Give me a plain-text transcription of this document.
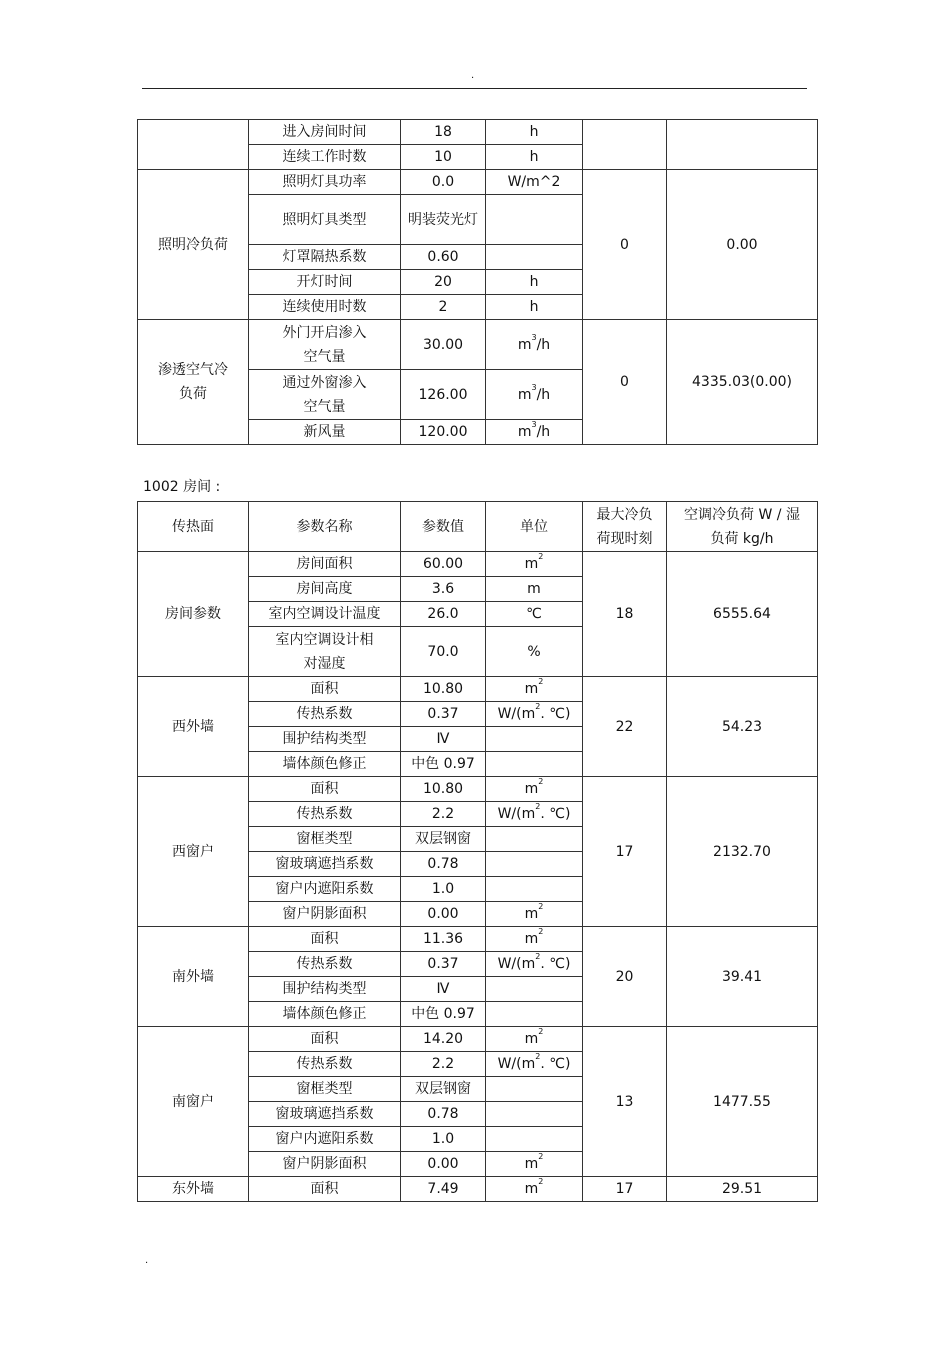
.
	进入房间时间	18	h		
	连续工作时数	10	h		
照明冷负荷	照明灯具功率	0.0	W/m^2	0	0.00
	照明灯具类型	明装荧光灯			
	灯罩隔热系数	0.60			
	开灯时间	20	h		
	连续使用时数	2	h		
渗透空气冷负荷	外门开启渗入空气量	30.00	$m^3/h$	0	4335.03(0.00)
	通过外窗渗入空气量	126.00	$m^3/h$		
	新风量	120.00	$m^3/h$		
1002 房间 :
传热面	参数名称	参数值	单位	最大冷负荷现时刻	空调冷负荷 W / 湿负荷 kg/h
房间参数	房间面积	60.00	$m^2$	18	6555.64
	房间高度	3.6	m		
	室内空调设计温度	26.0	℃		
	室内空调设计相对湿度	70.0	%		
西外墙	面积	10.80	$m^2$	22	54.23
	传热系数	0.37	$W/(m^2$. ℃)		
	围护结构类型	Ⅳ			
	墙体颜色修正	中色 0.97			
西窗户	面积	10.80	$m^2$	17	2132.70
	传热系数	2.2	$W/(m^2$. ℃)		
	窗框类型	双层钢窗			
	窗玻璃遮挡系数	0.78			
	窗户内遮阳系数	1.0			
	窗户阴影面积	0.00	$m^2$
南外墙	面积	11.36	$m^2$	20	39.41
	传热系数	0.37	$W/(m^2$. ℃)		
	围护结构类型	Ⅳ			
	墙体颜色修正	中色 0.97			
南窗户	面积	14.20	$m^2$	13	1477.55
	传热系数	2.2	$W/(m^2$. ℃)		
	窗框类型	双层钢窗			
	窗玻璃遮挡系数	0.78			
	窗户内遮阳系数	1.0			
	窗户阴影面积	0.00	$m^2$
东外墙	面积	7.49	$m^2$	17	29.51
.
